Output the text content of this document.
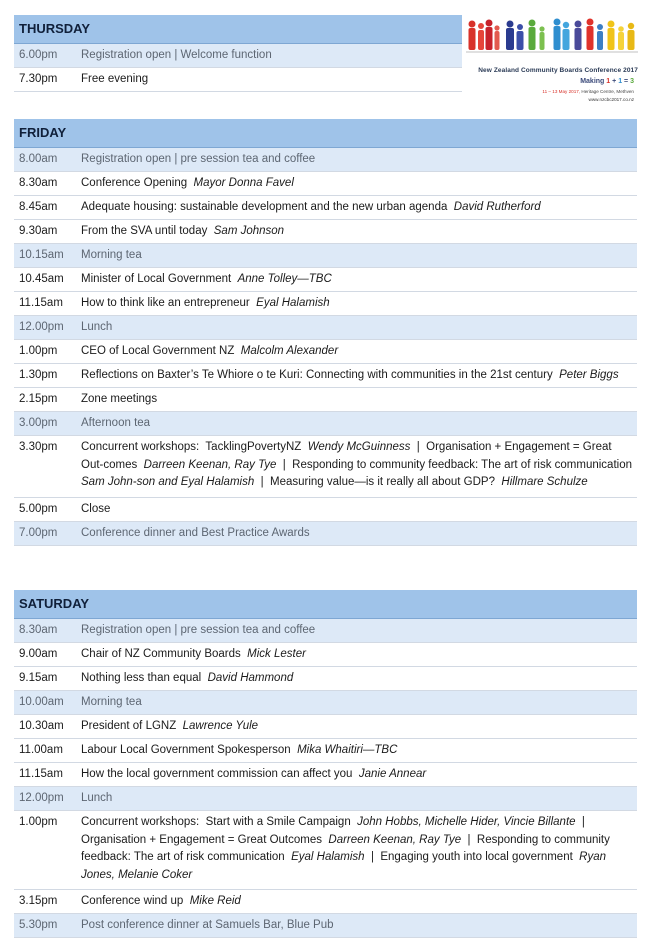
New Zealand Community Boards Conference 2017
Making 1 + 1 = 3
11 – 13 May 2017, Heritage Centre, Methven
www.nzcbc2017.co.nz
THURSDAY
6.00pm	Registration open | Welcome function
7.30pm	Free evening
FRIDAY
8.00am	Registration open | pre session tea and coffee
8.30am	Conference Opening Mayor Donna Favel
8.45am	Adequate housing: sustainable development and the new urban agenda David Rutherford
9.30am	From the SVA until today Sam Johnson
10.15am	Morning tea
10.45am	Minister of Local Government Anne Tolley—TBC
11.15am	How to think like an entrepreneur Eyal Halamish
12.00pm	Lunch
1.00pm	CEO of Local Government NZ Malcolm Alexander
1.30pm	Reflections on Baxter’s Te Whiore o te Kuri: Connecting with communities in the 21st century Peter Biggs
2.15pm	Zone meetings
3.00pm	Afternoon tea
3.30pm	Concurrent workshops:  TacklingPovertyNZ  Wendy McGuinness  |  Organisation + Engagement = Great Out-comes  Darreen Keenan, Ray Tye  |  Responding to community feedback: The art of risk communication  Sam John-son and Eyal Halamish  |  Measuring value—is it really all about GDP?  Hillmare Schulze
5.00pm	Close
7.00pm	Conference dinner and Best Practice Awards
SATURDAY
8.30am	Registration open | pre session tea and coffee
9.00am	Chair of NZ Community Boards Mick Lester
9.15am	Nothing less than equal David Hammond
10.00am	Morning tea
10.30am	President of LGNZ Lawrence Yule
11.00am	Labour Local Government Spokesperson Mika Whaitiri—TBC
11.15am	How the local government commission can affect you Janie Annear
12.00pm	Lunch
1.00pm	Concurrent workshops:  Start with a Smile Campaign  John Hobbs, Michelle Hider, Vincie Billante  |  Organisation + Engagement = Great Outcomes  Darreen Keenan, Ray Tye  |  Responding to community feedback: The art of risk communication  Eyal Halamish  |  Engaging youth into local government  Ryan Jones, Melanie Coker
3.15pm	Conference wind up Mike Reid
5.30pm	Post conference dinner at Samuels Bar, Blue Pub
